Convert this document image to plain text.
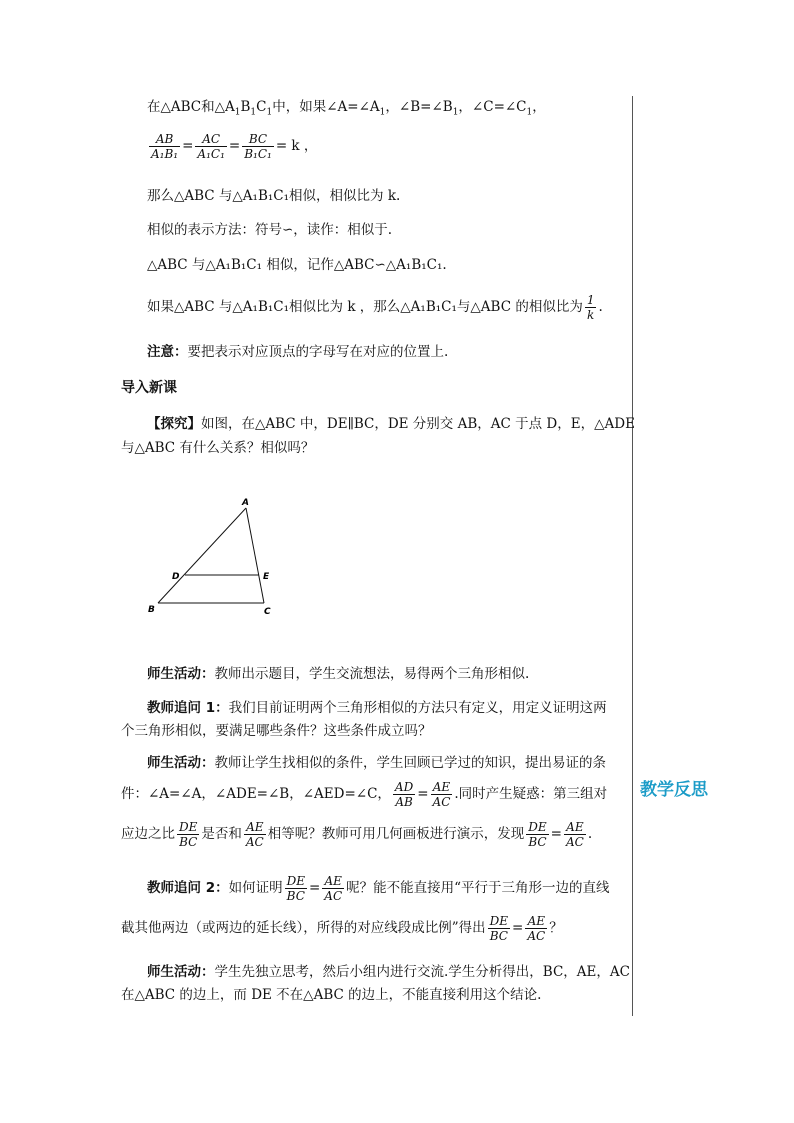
教学反思
在△ABC和$\triangle A_1B_1C_1$中，如果$\angle A=\angle A_1$，$\angle B=\angle B_1$，$\angle C=\angle C_1$，
$\frac{AB}{\text{A₁B₁}} = \frac{AC}{\text{A₁C₁}} = \frac{BC}{\text{B₁C₁}} = k$ ，
那么△ABC 与△A₁B₁C₁相似，相似比为 k.
相似的表示方法：符号∽，读作：相似于.
△ABC 与△A₁B₁C₁ 相似，记作△ABC∽△A₁B₁C₁.
如果△ABC 与△A₁B₁C₁相似比为 k ，那么△A₁B₁C₁与△ABC 的相似比为 $\frac{1}{k}$ .
注意：要把表示对应顶点的字母写在对应的位置上.
导入新课
【探究】如图，在△ABC 中，DE∥BC，DE 分别交 AB，AC 于点 D，E，△ADE
与△ABC 有什么关系？相似吗？
A
B	C
D	E
师生活动：教师出示题目，学生交流想法，易得两个三角形相似.
教师追问 1：我们目前证明两个三角形相似的方法只有定义，用定义证明这两
个三角形相似，要满足哪些条件？这些条件成立吗？
师生活动：教师让学生找相似的条件，学生回顾已学过的知识，提出易证的条
件：∠A=∠A，∠ADE=∠B，∠AED=∠C， $\frac{AD}{AB} = \frac{AE}{AC}$ .同时产生疑惑：第三组对
应边之比 $\frac{DE}{BC}$ 是否和 $\frac{AE}{AC}$ 相等呢？教师可用几何画板进行演示，发现 $\frac{DE}{BC} = \frac{AE}{AC}$ .
教师追问 2：如何证明 $\frac{DE}{BC} = \frac{AE}{AC}$ 呢？能不能直接用“平行于三角形一边的直线
截其他两边（或两边的延长线），所得的对应线段成比例”得出 $\frac{DE}{BC} = \frac{AE}{AC}$ ？
师生活动：学生先独立思考，然后小组内进行交流.学生分析得出，BC，AE，AC
在△ABC 的边上，而 DE 不在△ABC 的边上，不能直接利用这个结论.
